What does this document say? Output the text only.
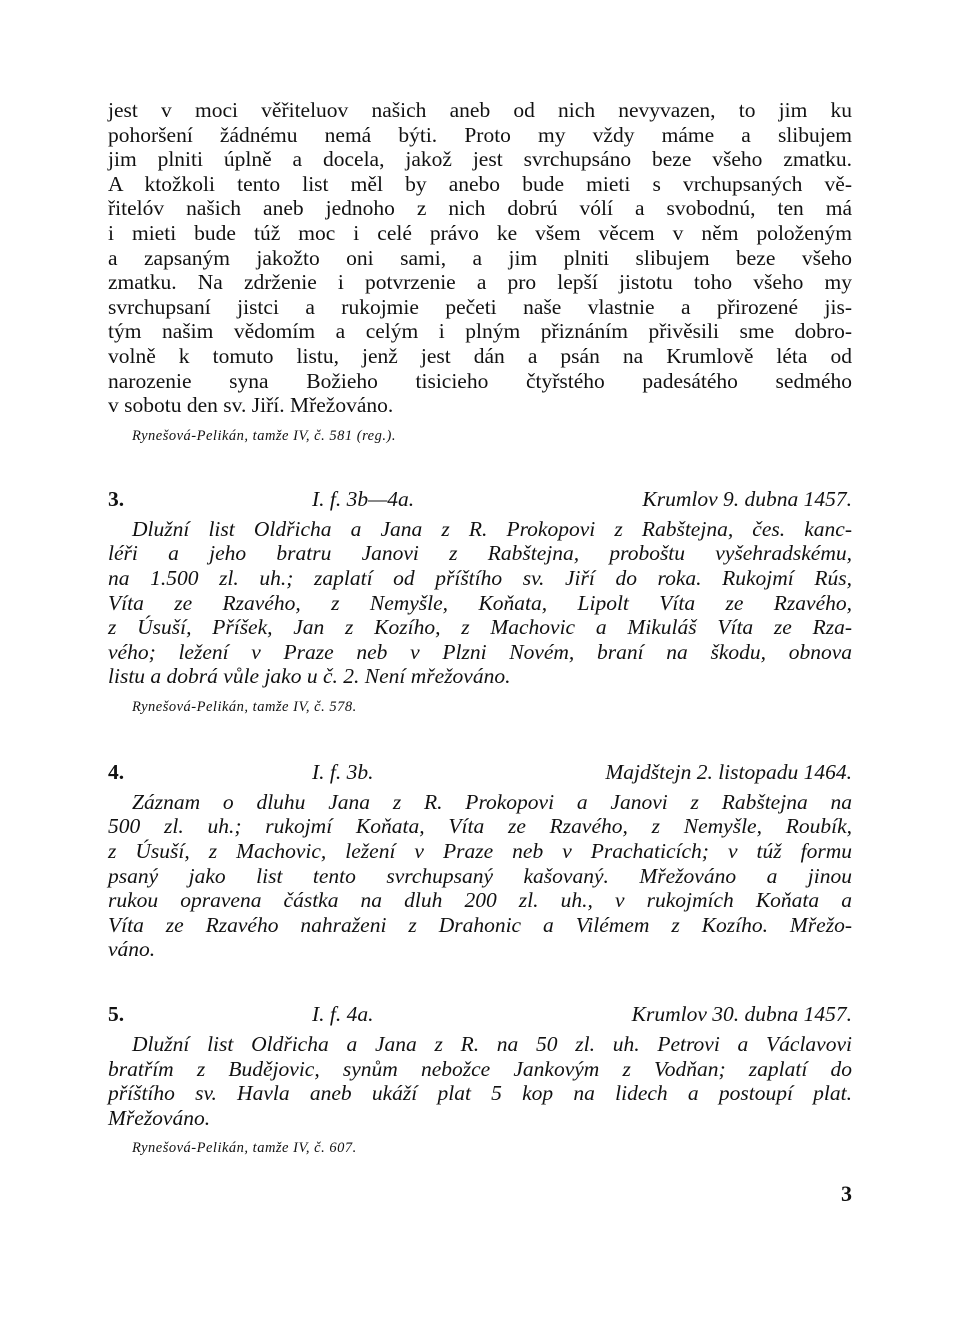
jest v moci věřiteluov našich aneb od nich nevyvazen, to jim ku
pohoršení žádnému nemá býti. Proto my vždy máme a slibujem
jim plniti úplně a docela, jakož jest svrchupsáno beze všeho zmatku.
A ktožkoli tento list měl by anebo bude mieti s vrchupsaných vě-
řitelóv našich aneb jednoho z nich dobrú vólí a svobodnú, ten má
i mieti bude túž moc i celé právo ke všem věcem v něm položeným
a zapsaným jakožto oni sami, a jim plniti slibujem beze všeho
zmatku. Na zdrženie i potvrzenie a pro lepší jistotu toho všeho my
svrchupsaní jistci a rukojmie pečeti naše vlastnie a přirozené jis-
tým našim vědomím a celým i plným přiznáním přivěsili sme dobro-
volně k tomuto listu, jenž jest dán a psán na Krumlově léta od
narozenie syna Božieho tisicieho čtyřstého padesátého sedmého
v sobotu den sv. Jiří. Mřežováno.
Rynešová-Pelikán, tamže IV, č. 581 (reg.).
3.	I. f. 3b—4a.	Krumlov 9. dubna 1457.
Dlužní list Oldřicha a Jana z R. Prokopovi z Rabštejna, čes. kanc-
léři a jeho bratru Janovi z Rabštejna, proboštu vyšehradskému,
na 1.500 zl. uh.; zaplatí od příštího sv. Jiří do roka. Rukojmí Rús,
Víta ze Rzavého, z Nemyšle, Koňata, Lipolt Víta ze Rzavého,
z Úsuší, Příšek, Jan z Kozího, z Machovic a Mikuláš Víta ze Rza-
vého; ležení v Praze neb v Plzni Novém, braní na škodu, obnova
listu a dobrá vůle jako u č. 2. Není mřežováno.
Rynešová-Pelikán, tamže IV, č. 578.
4.	I. f. 3b.	Majdštejn 2. listopadu 1464.
Záznam o dluhu Jana z R. Prokopovi a Janovi z Rabštejna na
500 zl. uh.; rukojmí Koňata, Víta ze Rzavého, z Nemyšle, Roubík,
z Úsuší, z Machovic, ležení v Praze neb v Prachaticích; v túž formu
psaný jako list tento svrchupsaný kašovaný. Mřežováno a jinou
rukou opravena částka na dluh 200 zl. uh., v rukojmích Koňata a
Víta ze Rzavého nahraženi z Drahonic a Vilémem z Kozího. Mřežo-
váno.
5.	I. f. 4a.	Krumlov 30. dubna 1457.
Dlužní list Oldřicha a Jana z R. na 50 zl. uh. Petrovi a Václavovi
bratřím z Budějovic, synům nebožce Jankovým z Vodňan; zaplatí do
příštího sv. Havla aneb ukáží plat 5 kop na lidech a postoupí plat.
Mřežováno.
Rynešová-Pelikán, tamže IV, č. 607.
3
